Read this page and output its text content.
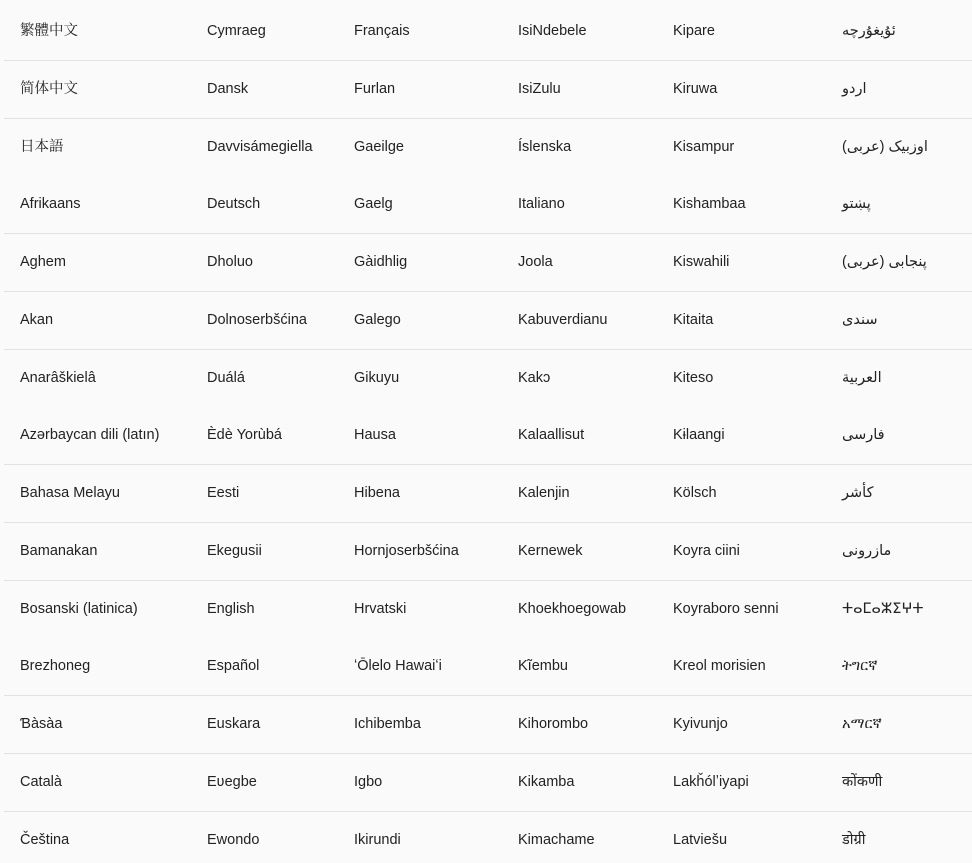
繁體中文	Cymraeg	Français	IsiNdebele	Kipare	ئۇيغۇرچە
简体中文	Dansk	Furlan	IsiZulu	Kiruwa	اردو
日本語	Davvisámegiella	Gaeilge	Íslenska	Kisampur	اوزبیک (عربی)
Afrikaans	Deutsch	Gaelg	Italiano	Kishambaa	پښتو
Aghem	Dholuo	Gàidhlig	Joola	Kiswahili	پنجابی (عربی)
Akan	Dolnoserbšćina	Galego	Kabuverdianu	Kitaita	سندی
Anarâškielâ	Duálá	Gikuyu	Kakɔ	Kiteso	العربية
Azərbaycan dili (latın)	Èdè Yorùbá	Hausa	Kalaallisut	Kɨlaangi	فارسی
Bahasa Melayu	Eesti	Hibena	Kalenjin	Kölsch	کأشر
Bamanakan	Ekegusii	Hornjoserbšćina	Kernewek	Koyra ciini	مازرونی
Bosanski (latinica)	English	Hrvatski	Khoekhoegowab	Koyraboro senni	ⵜⴰⵎⴰⵣⵉⵖⵜ
Brezhoneg	Español	ʻŌlelo Hawaiʻi	Kĩembu	Kreol morisien	ትግርኛ
Ɓàsàa	Euskara	Ichibemba	Kihorombo	Kyivunjo	አማርኛ
Català	Eʋegbe	Igbo	Kikamba	Lakȟólʼiyapi	कोंकणी
Čeština	Ewondo	Ikirundi	Kimachame	Latviešu	डोग्री
